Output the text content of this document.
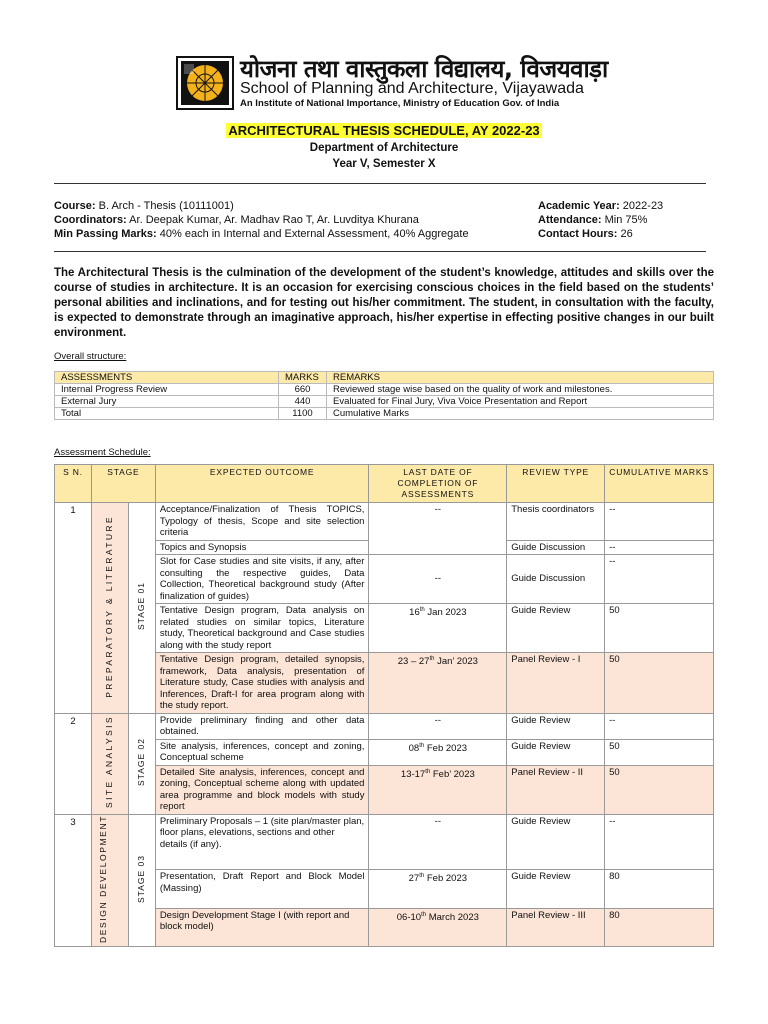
योजना तथा वास्तुकला विद्यालय, विजयवाड़ा
School of Planning and Architecture, Vijayawada
An Institute of National Importance, Ministry of Education Gov. of India
ARCHITECTURAL THESIS SCHEDULE, AY 2022-23
Department of Architecture
Year V, Semester X
Course: B. Arch - Thesis (10111001)
Coordinators: Ar. Deepak Kumar, Ar. Madhav Rao T, Ar. Luvditya Khurana
Min Passing Marks: 40% each in Internal and External Assessment, 40% Aggregate
Academic Year: 2022-23
Attendance: Min 75%
Contact Hours: 26
The Architectural Thesis is the culmination of the development of the student’s knowledge, attitudes and skills over the course of studies in architecture. It is an occasion for exercising conscious choices in the field based on the students’ personal abilities and inclinations, and for testing out his/her commitment. The student, in consultation with the faculty, is expected to demonstrate through an imaginative approach, his/her expertise in effecting positive changes in our built environment.
Overall structure:
ASSESSMENTS	MARKS	REMARKS
Internal Progress Review	660	Reviewed stage wise based on the quality of work and milestones.
External Jury	440	Evaluated for Final Jury, Viva Voice Presentation and Report
Total	1100	Cumulative Marks
Assessment Schedule:
S N.	STAGE		EXPECTED OUTCOME	LAST DATE OF COMPLETION OF ASSESSMENTS	REVIEW TYPE	CUMULATIVE MARKS
1	PREPARATORY & LITERATURE	STAGE 01	Acceptance/Finalization of Thesis TOPICS, Typology of thesis, Scope and site selection criteria	--	Thesis coordinators	--
			Topics and Synopsis		Guide Discussion	--
			Slot for Case studies and site visits, if any, after consulting the respective guides, Data Collection, Theoretical background study (After finalization of guides)	--	Guide Discussion	--
			Tentative Design program, Data analysis on related studies on similar topics, Literature study, Theoretical background and Case studies along with the study report	16th Jan 2023	Guide Review	50
			Tentative Design program, detailed synopsis, framework, Data analysis, presentation of Literature study, Case studies with analysis and Inferences, Draft-I for area program along with the study report.	23 – 27th Jan’ 2023	Panel Review - I	50
2	SITE ANALYSIS	STAGE 02	Provide preliminary finding and other data obtained.	--	Guide Review	--
			Site analysis, inferences, concept and zoning, Conceptual scheme	08th Feb 2023	Guide Review	50
			Detailed Site analysis, inferences, concept and zoning, Conceptual scheme along with updated area programme and block models with study report	13-17th Feb’ 2023	Panel Review - II	50
3	DESIGN DEVELOPMENT	STAGE 03	Preliminary Proposals – 1 (site plan/master plan, floor plans, elevations, sections and other details (if any).	--	Guide Review	--
			Presentation, Draft Report and Block Model (Massing)	27th Feb 2023	Guide Review	80
			Design Development Stage I (with report and block model)	06-10th March 2023	Panel Review - III	80
